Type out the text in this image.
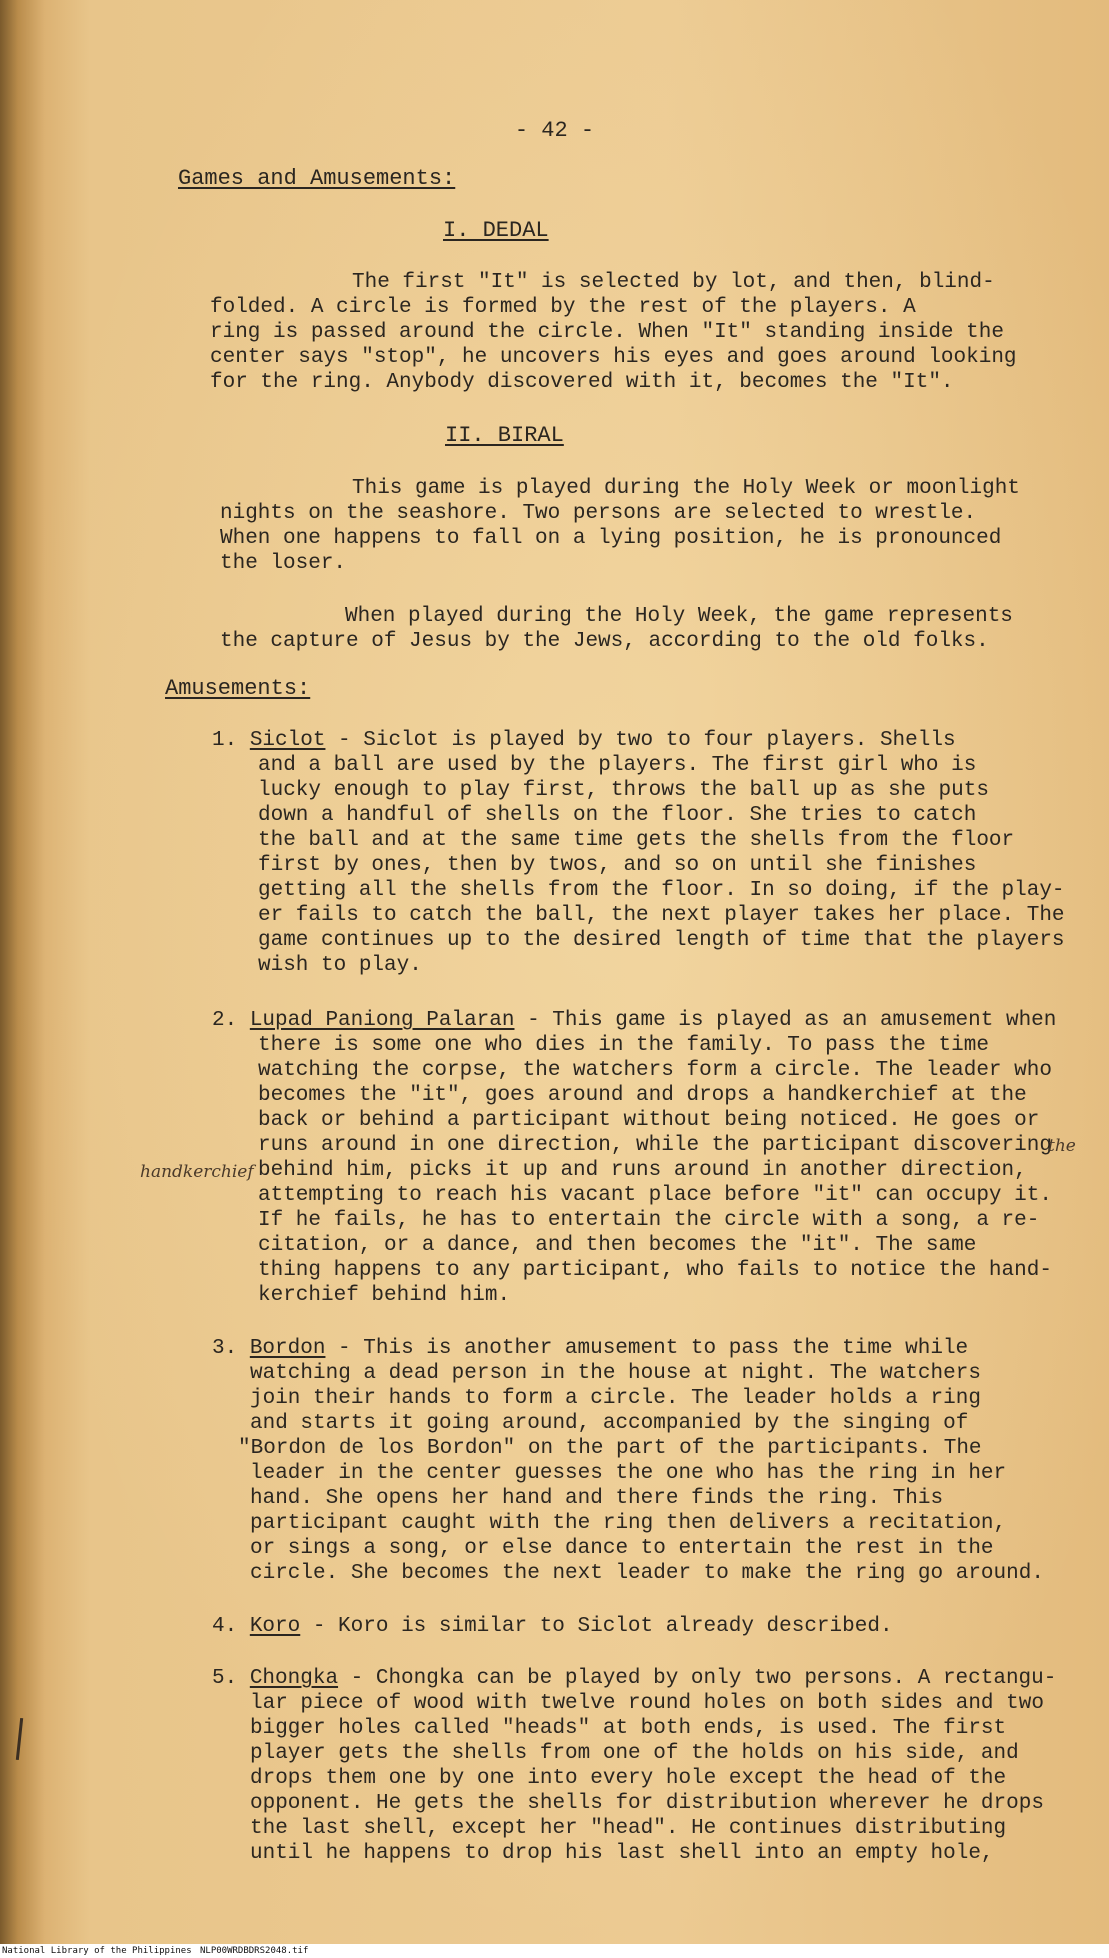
- 42 -
Games and Amusements:
I. DEDAL
The first "It" is selected by lot, and then, blind-
folded. A circle is formed by the rest of the players. A
ring is passed around the circle. When "It" standing inside the
center says "stop", he uncovers his eyes and goes around looking
for the ring. Anybody discovered with it, becomes the "It".
II. BIRAL
This game is played during the Holy Week or moonlight
nights on the seashore. Two persons are selected to wrestle.
When one happens to fall on a lying position, he is pronounced
the loser.
When played during the Holy Week, the game represents
the capture of Jesus by the Jews, according to the old folks.
Amusements:
1. Siclot - Siclot is played by two to four players. Shells
and a ball are used by the players. The first girl who is
lucky enough to play first, throws the ball up as she puts
down a handful of shells on the floor. She tries to catch
the ball and at the same time gets the shells from the floor
first by ones, then by twos, and so on until she finishes
getting all the shells from the floor. In so doing, if the play-
er fails to catch the ball, the next player takes her place. The
game continues up to the desired length of time that the players
wish to play.
2. Lupad Paniong Palaran - This game is played as an amusement when
there is some one who dies in the family. To pass the time
watching the corpse, the watchers form a circle. The leader who
becomes the "it", goes around and drops a handkerchief at the
back or behind a participant without being noticed. He goes or
runs around in one direction, while the participant discovering
the
handkerchief behind him, picks it up and runs around in another direction,
attempting to reach his vacant place before "it" can occupy it.
If he fails, he has to entertain the circle with a song, a re-
citation, or a dance, and then becomes the "it". The same
thing happens to any participant, who fails to notice the hand-
kerchief behind him.
3. Bordon - This is another amusement to pass the time while
watching a dead person in the house at night. The watchers
join their hands to form a circle. The leader holds a ring
and starts it going around, accompanied by the singing of
"Bordon de los Bordon" on the part of the participants. The
leader in the center guesses the one who has the ring in her
hand. She opens her hand and there finds the ring. This
participant caught with the ring then delivers a recitation,
or sings a song, or else dance to entertain the rest in the
circle. She becomes the next leader to make the ring go around.
4. Koro - Koro is similar to Siclot already described.
5. Chongka - Chongka can be played by only two persons. A rectangu-
lar piece of wood with twelve round holes on both sides and two
bigger holes called "heads" at both ends, is used. The first
player gets the shells from one of the holds on his side, and
drops them one by one into every hole except the head of the
opponent. He gets the shells for distribution wherever he drops
the last shell, except her "head". He continues distributing
until he happens to drop his last shell into an empty hole,
National Library of the Philippines NLP00WRDBDRS2048.tif
